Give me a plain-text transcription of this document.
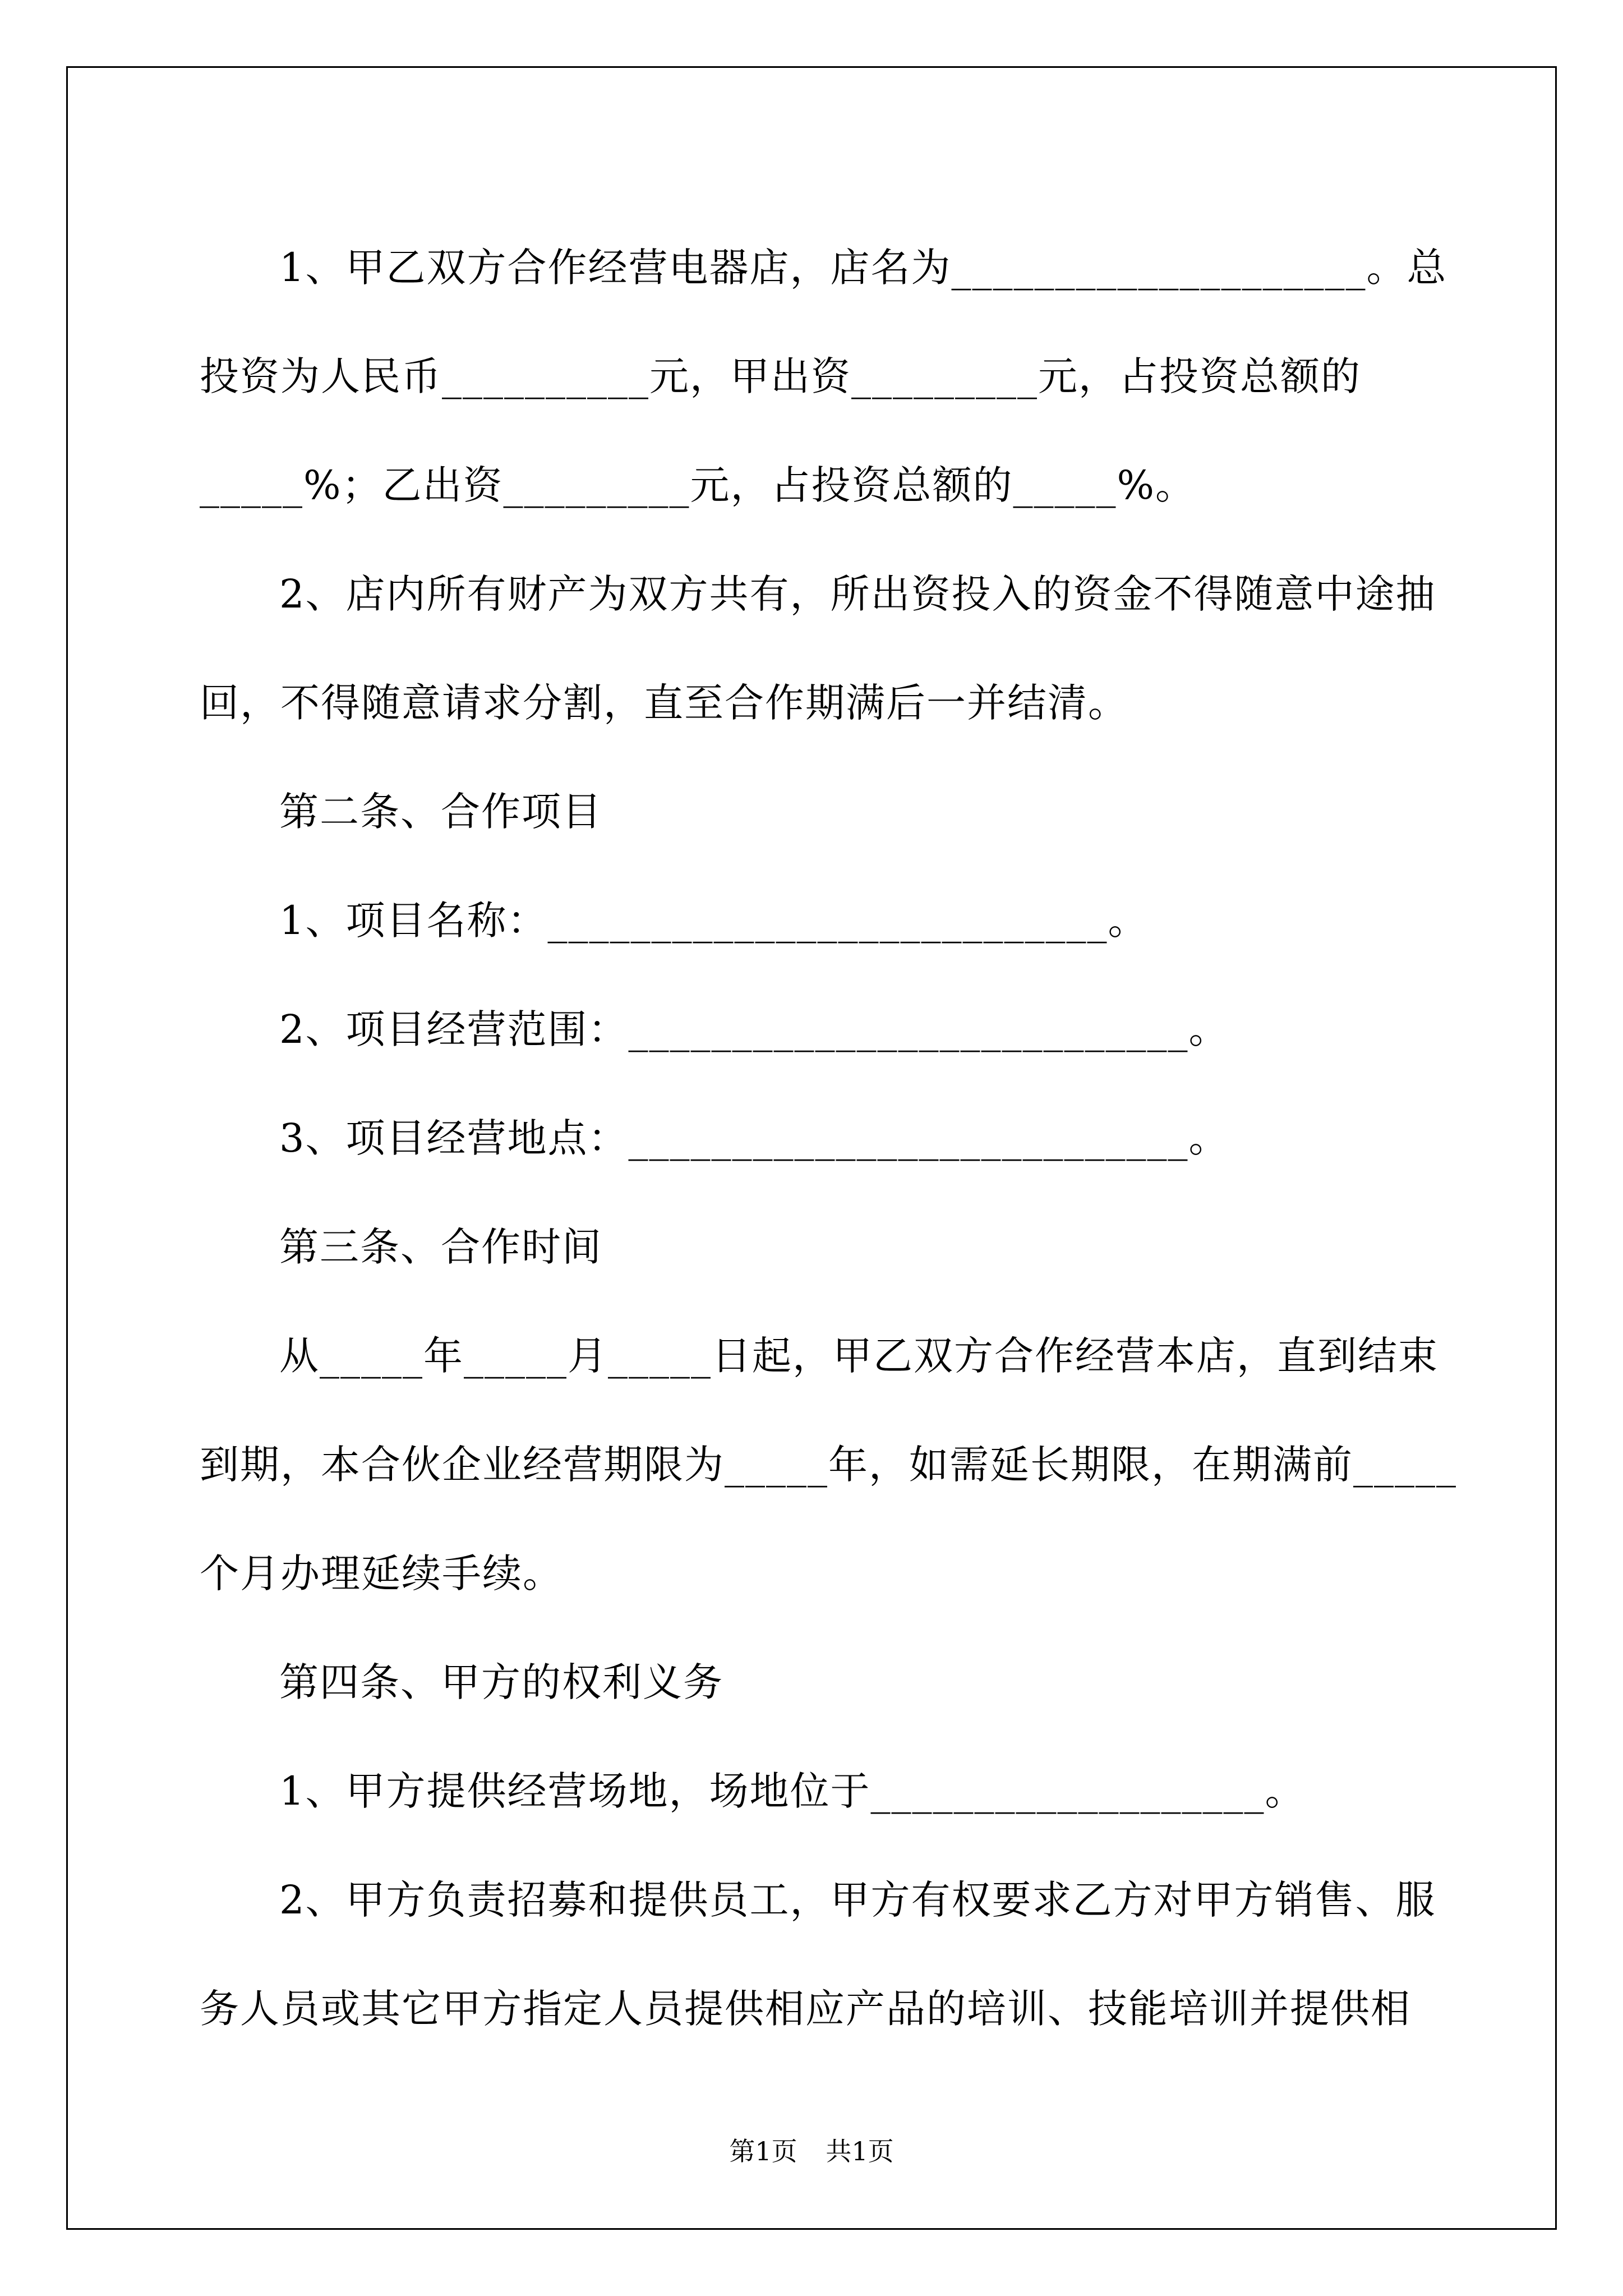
1、甲乙双方合作经营电器店，店名为____________________。总

投资为人民币__________元，甲出资_________元，占投资总额的

_____%；乙出资_________元，占投资总额的_____%。

2、店内所有财产为双方共有，所出资投入的资金不得随意中途抽

回，不得随意请求分割，直至合作期满后一并结清。

第二条、合作项目

1、项目名称：___________________________。

2、项目经营范围：___________________________。

3、项目经营地点：___________________________。

第三条、合作时间

从_____年_____月_____日起，甲乙双方合作经营本店，直到结束

到期，本合伙企业经营期限为_____年，如需延长期限，在期满前_____

个月办理延续手续。

第四条、甲方的权利义务

1、甲方提供经营场地，场地位于___________________。

2、甲方负责招募和提供员工，甲方有权要求乙方对甲方销售、服

务人员或其它甲方指定人员提供相应产品的培训、技能培训并提供相

第1页 共1页
